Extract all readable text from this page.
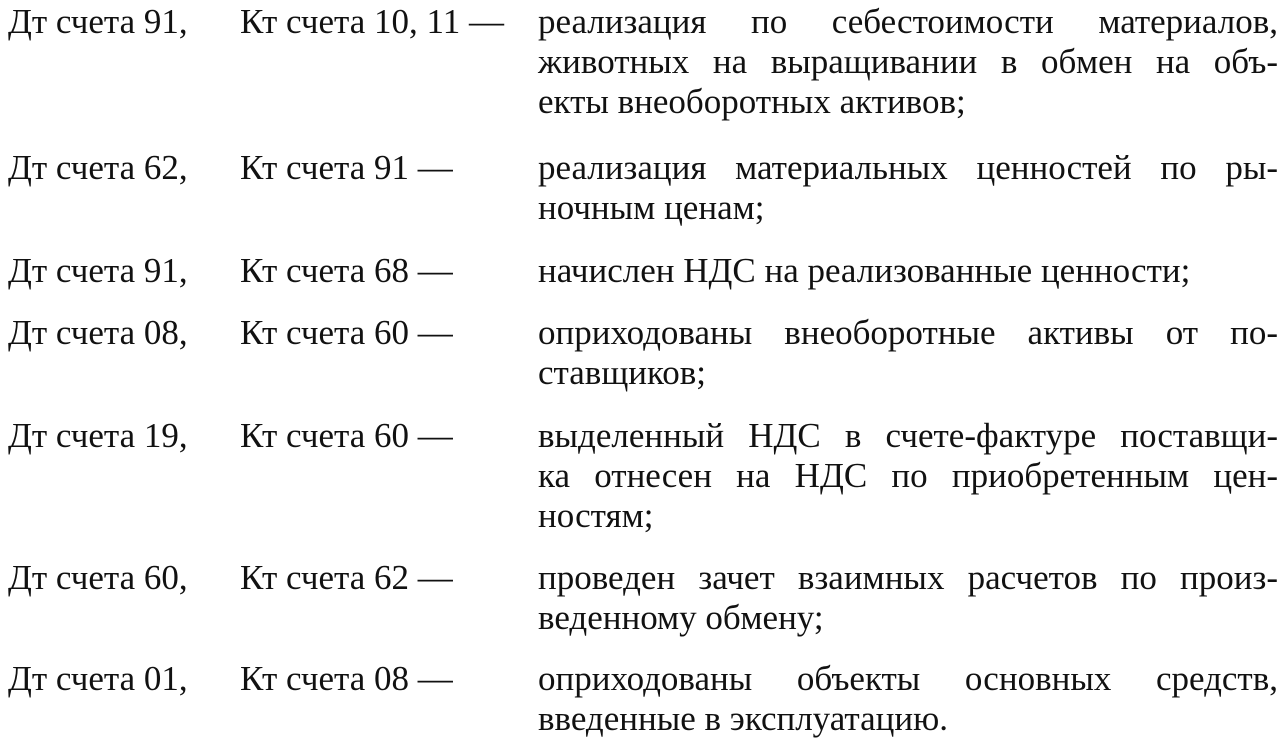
Дт счета 91, Кт счета 10, 11 — реализация по себестоимости материалов,
животных на выращивании в обмен на объ-
екты внеоборотных активов;
Дт счета 62, Кт счета 91 — реализация материальных ценностей по ры-
ночным ценам;
Дт счета 91, Кт счета 68 — начислен НДС на реализованные ценности;
Дт счета 08, Кт счета 60 — оприходованы внеоборотные активы от по-
ставщиков;
Дт счета 19, Кт счета 60 — выделенный НДС в счете-фактуре поставщи-
ка отнесен на НДС по приобретенным цен-
ностям;
Дт счета 60, Кт счета 62 — проведен зачет взаимных расчетов по произ-
веденному обмену;
Дт счета 01, Кт счета 08 — оприходованы объекты основных средств,
введенные в эксплуатацию.
